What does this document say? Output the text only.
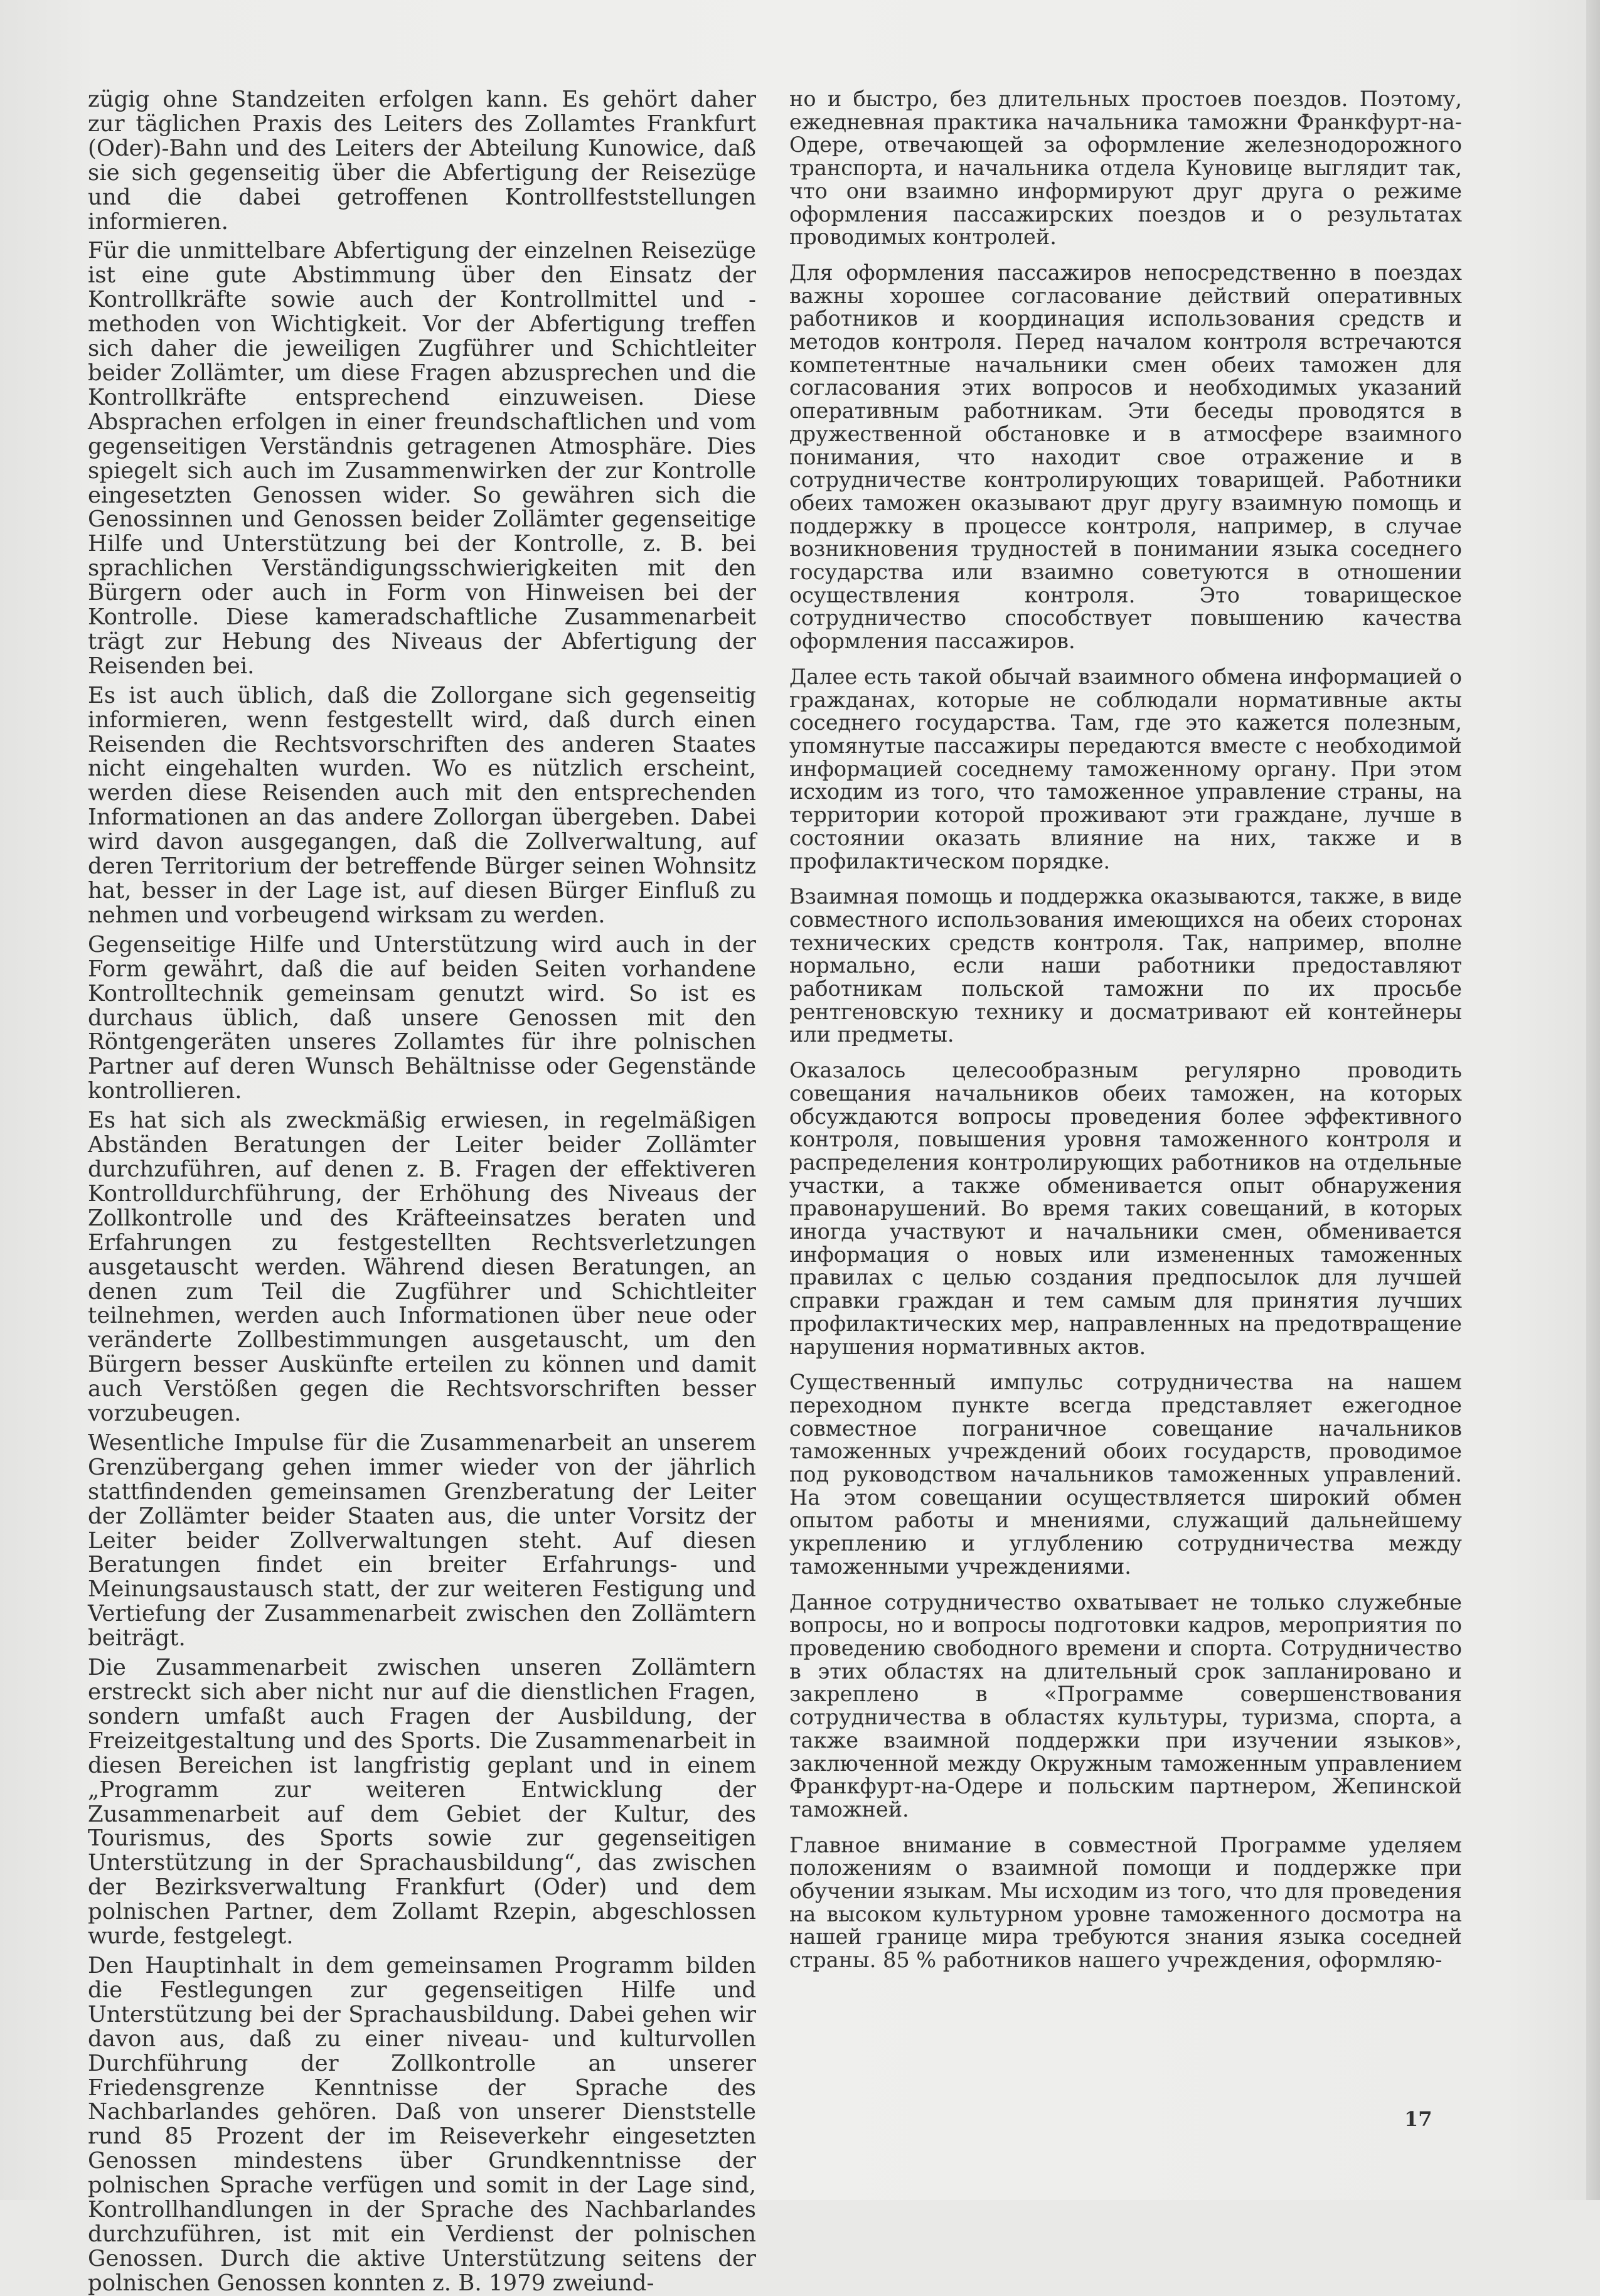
zügig ohne Standzeiten erfolgen kann. Es gehört daher zur täglichen Praxis des Leiters des Zollamtes Frankfurt (Oder)-Bahn und des Leiters der Abteilung Kunowice, daß sie sich gegenseitig über die Abfertigung der Reisezüge und die dabei getroffenen Kontrollfeststellungen informieren.

Für die unmittelbare Abfertigung der einzelnen Reisezüge ist eine gute Abstimmung über den Einsatz der Kontrollkräfte sowie auch der Kontrollmittel und -methoden von Wichtigkeit. Vor der Abfertigung treffen sich daher die jeweiligen Zugführer und Schichtleiter beider Zollämter, um diese Fragen abzusprechen und die Kontrollkräfte entsprechend einzuweisen. Diese Absprachen erfolgen in einer freundschaftlichen und vom gegenseitigen Verständnis getragenen Atmosphäre. Dies spiegelt sich auch im Zusammenwirken der zur Kontrolle eingesetzten Genossen wider. So gewähren sich die Genossinnen und Genossen beider Zollämter gegenseitige Hilfe und Unterstützung bei der Kontrolle, z. B. bei sprachlichen Verständigungsschwierigkeiten mit den Bürgern oder auch in Form von Hinweisen bei der Kontrolle. Diese kameradschaftliche Zusammenarbeit trägt zur Hebung des Niveaus der Abfertigung der Reisenden bei.

Es ist auch üblich, daß die Zollorgane sich gegenseitig informieren, wenn festgestellt wird, daß durch einen Reisenden die Rechtsvorschriften des anderen Staates nicht eingehalten wurden. Wo es nützlich erscheint, werden diese Reisenden auch mit den entsprechenden Informationen an das andere Zollorgan übergeben. Dabei wird davon ausgegangen, daß die Zollverwaltung, auf deren Territorium der betreffende Bürger seinen Wohnsitz hat, besser in der Lage ist, auf diesen Bürger Einfluß zu nehmen und vorbeugend wirksam zu werden.

Gegenseitige Hilfe und Unterstützung wird auch in der Form gewährt, daß die auf beiden Seiten vorhandene Kontrolltechnik gemeinsam genutzt wird. So ist es durchaus üblich, daß unsere Genossen mit den Röntgengeräten unseres Zollamtes für ihre polnischen Partner auf deren Wunsch Behältnisse oder Gegenstände kontrollieren.

Es hat sich als zweckmäßig erwiesen, in regelmäßigen Abständen Beratungen der Leiter beider Zollämter durchzuführen, auf denen z. B. Fragen der effektiveren Kontrolldurchführung, der Erhöhung des Niveaus der Zollkontrolle und des Kräfteeinsatzes beraten und Erfahrungen zu festgestellten Rechtsverletzungen ausgetauscht werden. Während diesen Beratungen, an denen zum Teil die Zugführer und Schichtleiter teilnehmen, werden auch Informationen über neue oder veränderte Zollbestimmungen ausgetauscht, um den Bürgern besser Auskünfte erteilen zu können und damit auch Verstößen gegen die Rechtsvorschriften besser vorzubeugen.

Wesentliche Impulse für die Zusammenarbeit an unserem Grenzübergang gehen immer wieder von der jährlich stattfindenden gemeinsamen Grenzberatung der Leiter der Zollämter beider Staaten aus, die unter Vorsitz der Leiter beider Zollverwaltungen steht. Auf diesen Beratungen findet ein breiter Erfahrungs- und Meinungsaustausch statt, der zur weiteren Festigung und Vertiefung der Zusammenarbeit zwischen den Zollämtern beiträgt.

Die Zusammenarbeit zwischen unseren Zollämtern erstreckt sich aber nicht nur auf die dienstlichen Fragen, sondern umfaßt auch Fragen der Ausbildung, der Freizeitgestaltung und des Sports. Die Zusammenarbeit in diesen Bereichen ist langfristig geplant und in einem „Programm zur weiteren Entwicklung der Zusammenarbeit auf dem Gebiet der Kultur, des Tourismus, des Sports sowie zur gegenseitigen Unterstützung in der Sprachausbildung“, das zwischen der Bezirksverwaltung Frankfurt (Oder) und dem polnischen Partner, dem Zollamt Rzepin, abgeschlossen wurde, festgelegt.

Den Hauptinhalt in dem gemeinsamen Programm bilden die Festlegungen zur gegenseitigen Hilfe und Unterstützung bei der Sprachausbildung. Dabei gehen wir davon aus, daß zu einer niveau- und kulturvollen Durchführung der Zollkontrolle an unserer Friedensgrenze Kenntnisse der Sprache des Nachbarlandes gehören. Daß von unserer Dienststelle rund 85 Prozent der im Reiseverkehr eingesetzten Genossen mindestens über Grundkenntnisse der polnischen Sprache verfügen und somit in der Lage sind, Kontrollhandlungen in der Sprache des Nachbarlandes durchzuführen, ist mit ein Verdienst der polnischen Genossen. Durch die aktive Unterstützung seitens der polnischen Genossen konnten z. B. 1979 zweiund-

но и быстро, без длительных простоев поездов. Поэтому, ежедневная практика начальника таможни Франкфурт-на-Одере, отвечающей за оформление железнодорожного транспорта, и начальника отдела Куновице выглядит так, что они взаимно информируют друг друга о режиме оформления пассажирских поездов и о результатах проводимых контролей.

Для оформления пассажиров непосредственно в поездах важны хорошее согласование действий оперативных работников и координация использования средств и методов контроля. Перед началом контроля встречаются компетентные начальники смен обеих таможен для согласования этих вопросов и необходимых указаний оперативным работникам. Эти беседы проводятся в дружественной обстановке и в атмосфере взаимного понимания, что находит свое отражение и в сотрудничестве контролирующих товарищей. Работники обеих таможен оказывают друг другу взаимную помощь и поддержку в процессе контроля, например, в случае возникновения трудностей в понимании языка соседнего государства или взаимно советуются в отношении осуществления контроля. Это товарищеское сотрудничество способствует повышению качества оформления пассажиров.

Далее есть такой обычай взаимного обмена информацией о гражданах, которые не соблюдали нормативные акты соседнего государства. Там, где это кажется полезным, упомянутые пассажиры передаются вместе с необходимой информацией соседнему таможенному органу. При этом исходим из того, что таможенное управление страны, на территории которой проживают эти граждане, лучше в состоянии оказать влияние на них, также и в профилактическом порядке.

Взаимная помощь и поддержка оказываются, также, в виде совместного использования имеющихся на обеих сторонах технических средств контроля. Так, например, вполне нормально, если наши работники предоставляют работникам польской таможни по их просьбе рентгеновскую технику и досматривают ей контейнеры или предметы.

Оказалось целесообразным регулярно проводить совещания начальников обеих таможен, на которых обсуждаются вопросы проведения более эффективного контроля, повышения уровня таможенного контроля и распределения контролирующих работников на отдельные участки, а также обменивается опыт обнаружения правонарушений. Во время таких совещаний, в которых иногда участвуют и начальники смен, обменивается информация о новых или измененных таможенных правилах с целью создания предпосылок для лучшей справки граждан и тем самым для принятия лучших профилактических мер, направленных на предотвращение нарушения нормативных актов.

Существенный импульс сотрудничества на нашем переходном пункте всегда представляет ежегодное совместное пограничное совещание начальников таможенных учреждений обоих государств, проводимое под руководством начальников таможенных управлений. На этом совещании осуществляется широкий обмен опытом работы и мнениями, служащий дальнейшему укреплению и углублению сотрудничества между таможенными учреждениями.

Данное сотрудничество охватывает не только служебные вопросы, но и вопросы подготовки кадров, мероприятия по проведению свободного времени и спорта. Сотрудничество в этих областях на длительный срок запланировано и закреплено в «Программе совершенствования сотрудничества в областях культуры, туризма, спорта, а также взаимной поддержки при изучении языков», заключенной между Окружным таможенным управлением Франкфурт-на-Одере и польским партнером, Жепинской таможней.

Главное внимание в совместной Программе уделяем положениям о взаимной помощи и поддержке при обучении языкам. Мы исходим из того, что для проведения на высоком культурном уровне таможенного досмотра на нашей границе мира требуются знания языка соседней страны. 85 % работников нашего учреждения, оформляю-

17
